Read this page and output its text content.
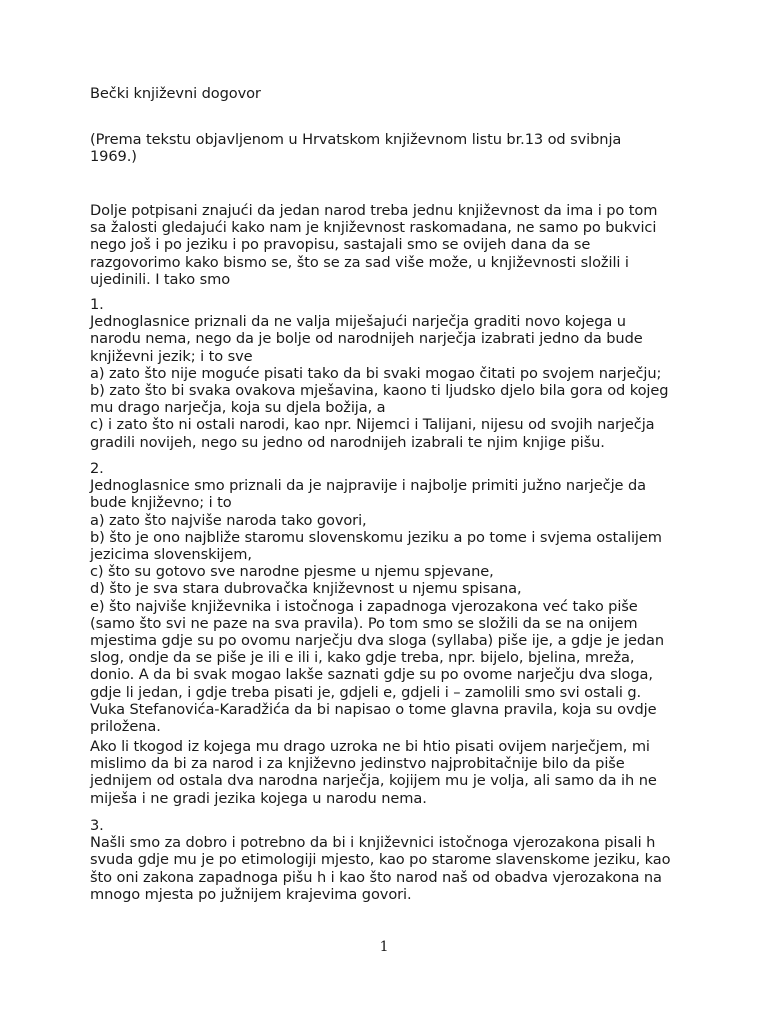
Bečki književni dogovor

(Prema tekstu objavljenom u Hrvatskom književnom listu br.13 od svibnja
1969.)

Dolje potpisani znajući da jedan narod treba jednu književnost da ima i po tom
sa žalosti gledajući kako nam je književnost raskomadana, ne samo po bukvici
nego još i po jeziku i po pravopisu, sastajali smo se ovijeh dana da se
razgovorimo kako bismo se, što se za sad više može, u književnosti složili i
ujedinili. I tako smo

1.
Jednoglasnice priznali da ne valja miješajući narječja graditi novo kojega u
narodu nema, nego da je bolje od narodnijeh narječja izabrati jedno da bude
književni jezik; i to sve
a) zato što nije moguće pisati tako da bi svaki mogao čitati po svojem narječju;
b) zato što bi svaka ovakova mješavina, kaono ti ljudsko djelo bila gora od kojeg
mu drago narječja, koja su djela božija, a
c) i zato što ni ostali narodi, kao npr. Nijemci i Talijani, nijesu od svojih narječja
gradili novijeh, nego su jedno od narodnijeh izabrali te njim knjige pišu.

2.
Jednoglasnice smo priznali da je najpravije i najbolje primiti južno narječje da
bude književno; i to
a) zato što najviše naroda tako govori,
b) što je ono najbliže staromu slovenskomu jeziku a po tome i svjema ostalijem
jezicima slovenskijem,
c) što su gotovo sve narodne pjesme u njemu spjevane,
d) što je sva stara dubrovačka književnost u njemu spisana,
e) što najviše književnika i istočnoga i zapadnoga vjerozakona već tako piše
(samo što svi ne paze na sva pravila). Po tom smo se složili da se na onijem
mjestima gdje su po ovomu narječju dva sloga (syllaba) piše ije, a gdje je jedan
slog, ondje da se piše je ili e ili i, kako gdje treba, npr. bijelo, bjelina, mreža,
donio. A da bi svak mogao lakše saznati gdje su po ovome narječju dva sloga,
gdje li jedan, i gdje treba pisati je, gdjeli e, gdjeli i – zamolili smo svi ostali g.
Vuka Stefanovića-Karadžića da bi napisao o tome glavna pravila, koja su ovdje
priložena.

Ako li tkogod iz kojega mu drago uzroka ne bi htio pisati ovijem narječjem, mi
mislimo da bi za narod i za književno jedinstvo najprobitačnije bilo da piše
jednijem od ostala dva narodna narječja, kojijem mu je volja, ali samo da ih ne
miješa i ne gradi jezika kojega u narodu nema.

3.
Našli smo za dobro i potrebno da bi i književnici istočnoga vjerozakona pisali h
svuda gdje mu je po etimologiji mjesto, kao po starome slavenskome jeziku, kao
što oni zakona zapadnoga pišu h i kao što narod naš od obadva vjerozakona na
mnogo mjesta po južnijem krajevima govori.

1
